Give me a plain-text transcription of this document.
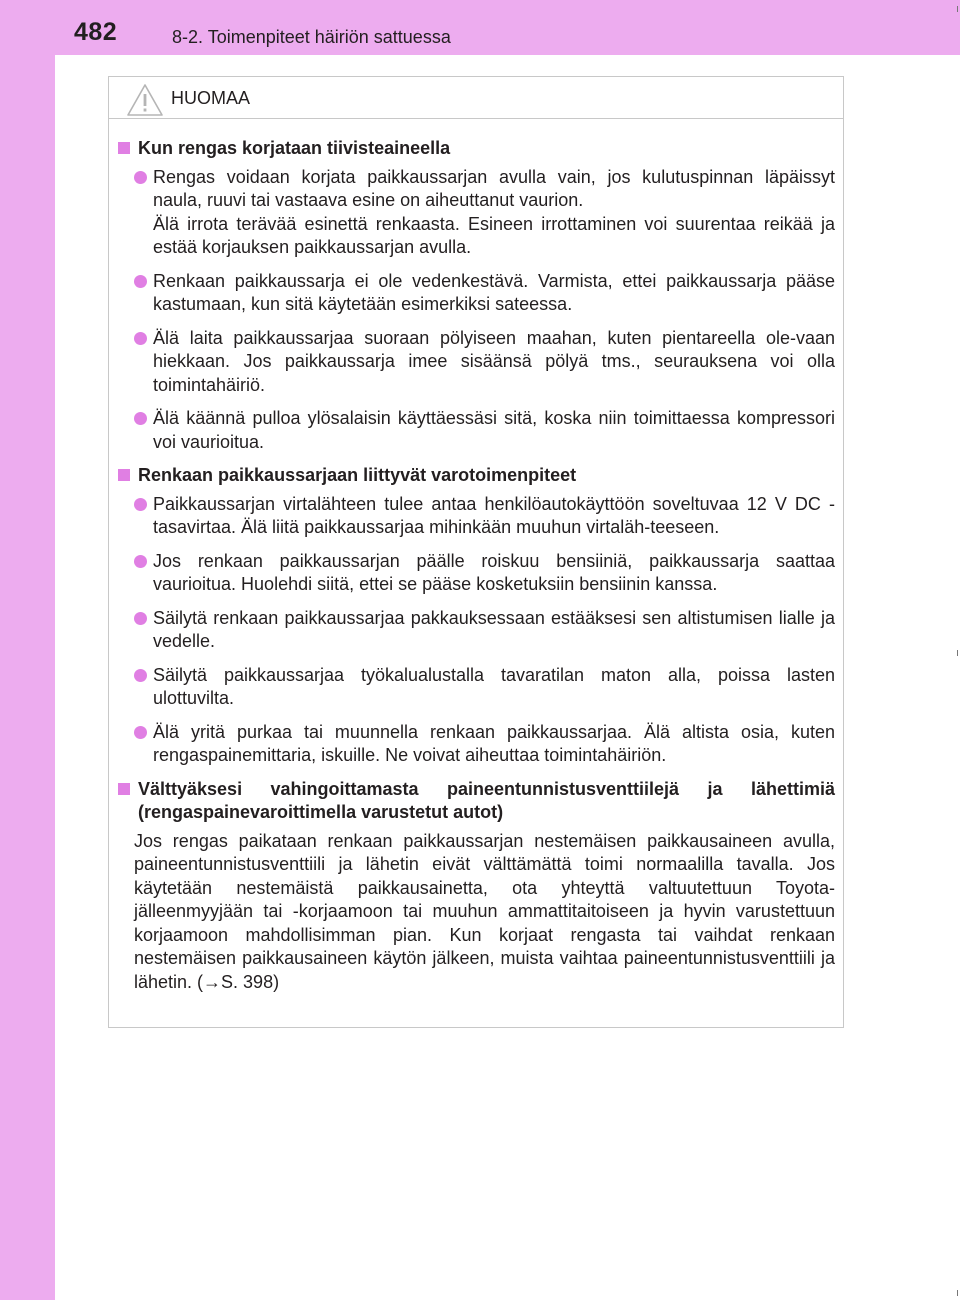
482	8-2. Toimenpiteet häiriön sattuessa
HUOMAA
Kun rengas korjataan tiivisteaineella

Rengas voidaan korjata paikkaussarjan avulla vain, jos kulutuspinnan läpäissyt naula, ruuvi tai vastaava esine on aiheuttanut vaurion.

Älä irrota terävää esinettä renkaasta. Esineen irrottaminen voi suurentaa reikää ja estää korjauksen paikkaussarjan avulla.

Renkaan paikkaussarja ei ole vedenkestävä. Varmista, ettei paikkaussarja pääse kastumaan, kun sitä käytetään esimerkiksi sateessa.

Älä laita paikkaussarjaa suoraan pölyiseen maahan, kuten pientareella ole-vaan hiekkaan. Jos paikkaussarja imee sisäänsä pölyä tms., seurauksena voi olla toimintahäiriö.

Älä käännä pulloa ylösalaisin käyttäessäsi sitä, koska niin toimittaessa kompressori voi vaurioitua.

Renkaan paikkaussarjaan liittyvät varotoimenpiteet

Paikkaussarjan virtalähteen tulee antaa henkilöautokäyttöön soveltuvaa 12 V DC -tasavirtaa. Älä liitä paikkaussarjaa mihinkään muuhun virtaläh-teeseen.

Jos renkaan paikkaussarjan päälle roiskuu bensiiniä, paikkaussarja saattaa vaurioitua. Huolehdi siitä, ettei se pääse kosketuksiin bensiinin kanssa.

Säilytä renkaan paikkaussarjaa pakkauksessaan estääksesi sen altistumisen lialle ja vedelle.

Säilytä paikkaussarjaa työkalualustalla tavaratilan maton alla, poissa lasten ulottuvilta.

Älä yritä purkaa tai muunnella renkaan paikkaussarjaa. Älä altista osia, kuten rengaspainemittaria, iskuille. Ne voivat aiheuttaa toimintahäiriön.

Välttyäksesi vahingoittamasta paineentunnistusventtiilejä ja lähettimiä (rengaspainevaroittimella varustetut autot)

Jos rengas paikataan renkaan paikkaussarjan nestemäisen paikkausaineen avulla, paineentunnistusventtiili ja lähetin eivät välttämättä toimi normaalilla tavalla. Jos käytetään nestemäistä paikkausainetta, ota yhteyttä valtuutettuun Toyota-jälleenmyyjään tai -korjaamoon tai muuhun ammattitaitoiseen ja hyvin varustettuun korjaamoon mahdollisimman pian. Kun korjaat rengasta tai vaihdat renkaan nestemäisen paikkausaineen käytön jälkeen, muista vaihtaa paineentunnistusventtiili ja lähetin. (→S. 398)
